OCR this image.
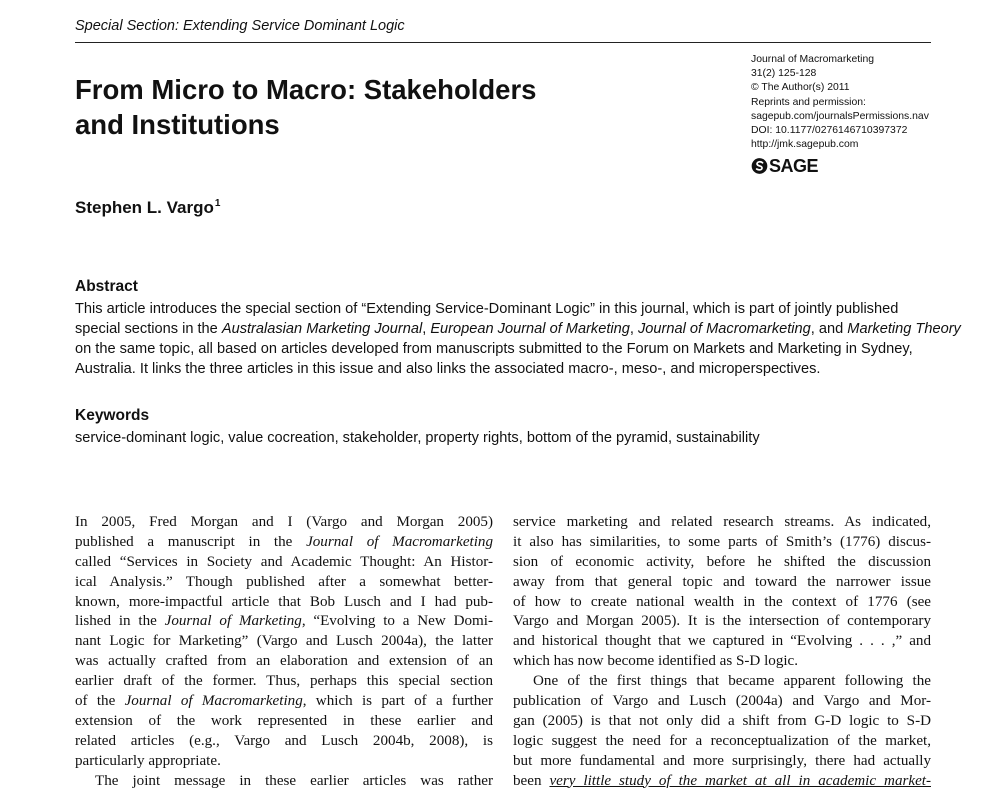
Special Section: Extending Service Dominant Logic
From Micro to Macro: Stakeholders
and Institutions
Journal of Macromarketing
31(2) 125-128
© The Author(s) 2011
Reprints and permission:
sagepub.com/journalsPermissions.nav
DOI: 10.1177/0276146710397372
http://jmk.sagepub.com
SAGE
Stephen L. Vargo$^1$
Abstract
This article introduces the special section of “Extending Service-Dominant Logic” in this journal, which is part of jointly published
special sections in the Australasian Marketing Journal, European Journal of Marketing, Journal of Macromarketing, and Marketing Theory
on the same topic, all based on articles developed from manuscripts submitted to the Forum on Markets and Marketing in Sydney,
Australia. It links the three articles in this issue and also links the associated macro-, meso-, and microperspectives.
Keywords
service-dominant logic, value cocreation, stakeholder, property rights, bottom of the pyramid, sustainability
In 2005, Fred Morgan and I (Vargo and Morgan 2005)
published a manuscript in the Journal of Macromarketing
called “Services in Society and Academic Thought: An Histor-
ical Analysis.” Though published after a somewhat better-
known, more-impactful article that Bob Lusch and I had pub-
lished in the Journal of Marketing, “Evolving to a New Domi-
nant Logic for Marketing” (Vargo and Lusch 2004a), the latter
was actually crafted from an elaboration and extension of an
earlier draft of the former. Thus, perhaps this special section
of the Journal of Macromarketing, which is part of a further
extension of the work represented in these earlier and
related articles (e.g., Vargo and Lusch 2004b, 2008), is
particularly appropriate.
The joint message in these earlier articles was rather
service marketing and related research streams. As indicated,
it also has similarities, to some parts of Smith’s (1776) discus-
sion of economic activity, before he shifted the discussion
away from that general topic and toward the narrower issue
of how to create national wealth in the context of 1776 (see
Vargo and Morgan 2005). It is the intersection of contemporary
and historical thought that we captured in “Evolving . . . ,” and
which has now become identified as S-D logic.
One of the first things that became apparent following the
publication of Vargo and Lusch (2004a) and Vargo and Mor-
gan (2005) is that not only did a shift from G-D logic to S-D
logic suggest the need for a reconceptualization of the market,
but more fundamental and more surprisingly, there had actually
been very little study of the market at all in academic market-
